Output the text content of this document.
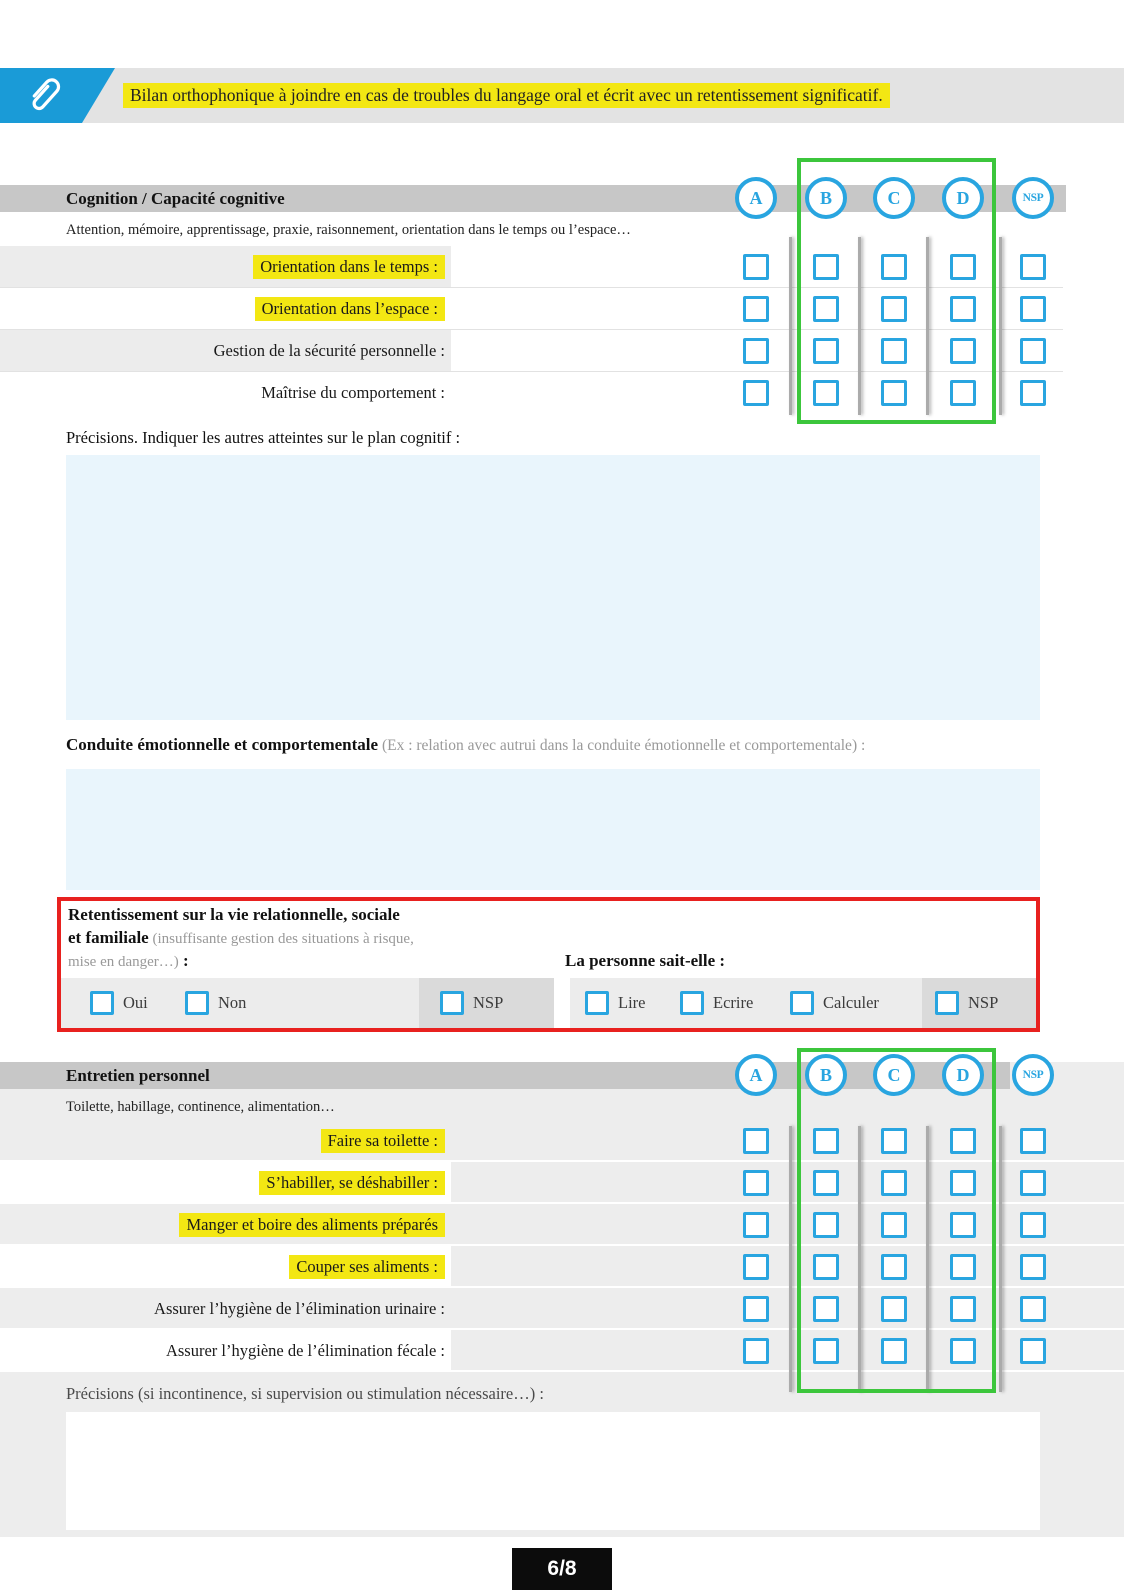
Bilan orthophonique à joindre en cas de troubles du langage oral et écrit avec un retentissement significatif.
Cognition / Capacité cognitive	A	B	C	D	NSP
Attention, mémoire, apprentissage, praxie, raisonnement, orientation dans le temps ou l’espace…
Orientation dans le temps :
Orientation dans l’espace :
Gestion de la sécurité personnelle :
Maîtrise du comportement :
Précisions. Indiquer les autres atteintes sur le plan cognitif :
Conduite émotionnelle et comportementale (Ex : relation avec autrui dans la conduite émotionnelle et comportementale) :
Retentissement sur la vie relationnelle, sociale
et familiale (insuffisante gestion des situations à risque,
mise en danger…) :	La personne sait-elle :
Oui	Non	NSP	Lire	Ecrire	Calculer	NSP
Entretien personnel	A	B	C	D	NSP
Toilette, habillage, continence, alimentation…
Faire sa toilette :
S’habiller, se déshabiller :
Manger et boire des aliments préparés
Couper ses aliments :
Assurer l’hygiène de l’élimination urinaire :
Assurer l’hygiène de l’élimination fécale :
Précisions (si incontinence, si supervision ou stimulation nécessaire…) :
6/8
